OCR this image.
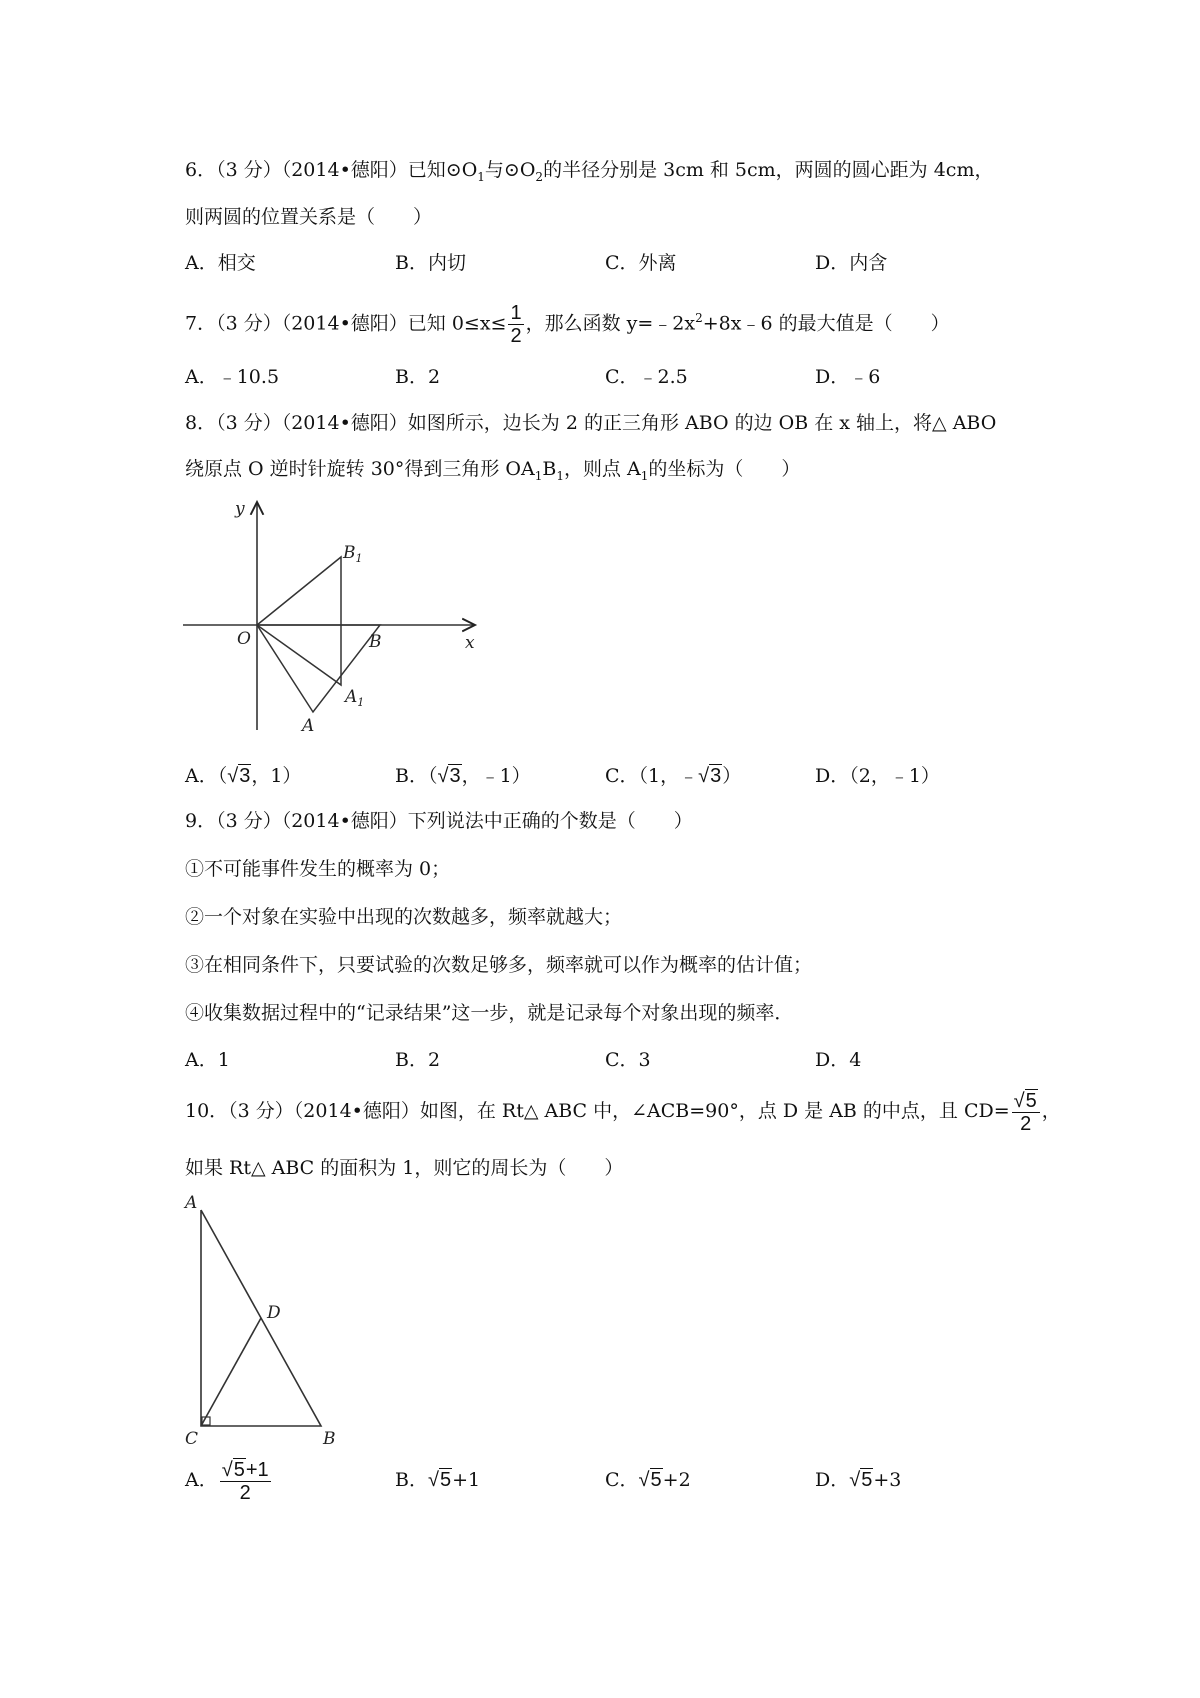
6．（3 分）（2014•德阳）已知$⊙O_1$与$⊙O_2$的半径分别是 3cm 和 5cm，两圆的圆心距为 4cm，
则两圆的位置关系是（　　）
A．相交	B．内切	C．外离	D．内含
7．（3 分）（2014•德阳）已知 $0\le x\le \frac{1}{2}$ ，那么函数 $y=﹣2x^2+8x﹣6$ 的最大值是（　　）
A．﹣10.5	B．2	C．﹣2.5	D．﹣6
8．（3 分）（2014•德阳）如图所示，边长为 2 的正三角形 ABO 的边 OB 在 x 轴上，将△ ABO
绕原点 O 逆时针旋转 30°得到三角形 $OA_1B_1$，则点 $A_1$的坐标为（　　）
y
x
O	B
A
$B_1$
$A_1$
A．（√3，1）	B．（√3，﹣1）	C．（1，﹣√3）	D．（2，﹣1）
9．（3 分）（2014•德阳）下列说法中正确的个数是（　　）
①不可能事件发生的概率为 0；
②一个对象在实验中出现的次数越多，频率就越大；
③在相同条件下，只要试验的次数足够多，频率就可以作为概率的估计值；
④收集数据过程中的“记录结果”这一步，就是记录每个对象出现的频率．
A．1	B．2	C．3	D．4
10．（3 分）（2014•德阳）如图，在 Rt△ ABC 中，∠ACB=90°，点 D 是 AB 的中点，且 $CD= \frac{√5}{2}$ ，
如果 Rt△ ABC 的面积为 1，则它的周长为（　　）
A
D
C	B
A． $\frac{√5+1}{2}$	B．√5+1	C．√5+2	D．√5+3
